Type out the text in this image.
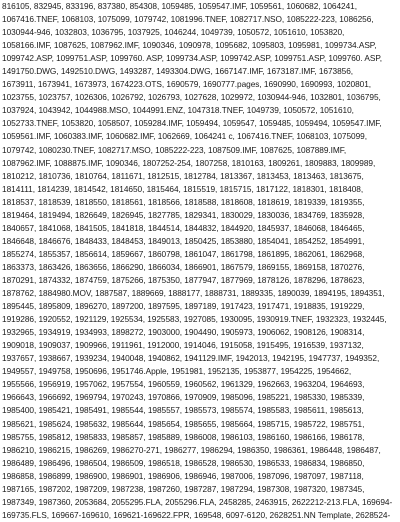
816105, 832945, 833196, 837380, 854308, 1059485, 1059547.IMF, 1059561, 1060682, 1064241,
1067416.TNEF, 1068103, 1075099, 1079742, 1081996.TNEF, 1082717.NSO, 1085222-223, 1086256,
1030944-946, 1032803, 1036795, 1037925, 1046244, 1049739, 1050572, 1051610, 1053820,
1058166.IMF, 1087625, 1087962.IMF, 1090346, 1090978, 1095682, 1095803, 1095981, 1099734.ASP,
1099742.ASP, 1099751.ASP, 1099760. ASP, 1099734.ASP, 1099742.ASP, 1099751.ASP, 1099760. ASP,
1491750.DWG, 1492510.DWG, 1493287, 1493304.DWG, 1667147.IMF, 1673187.IMF, 1673856,
1673911, 1673941, 1673973, 1674223.OTS, 1690579, 1690777.pages, 1690990, 1690993, 1020801,
1023755, 1023757, 1026306, 1026792, 1026793, 1027628, 1029972, 1030944-946, 1032801, 1036795,
1037924, 1043942, 1044988.MSO, 1044991.ENZ, 1047318.TNEF, 1049739, 1050572, 1051610,
1052733.TNEF, 1053820, 1058507, 1059284.IMF, 1059494, 1059547, 1059485, 1059494, 1059547.IMF,
1059561.IMF, 1060383.IMF, 1060682.IMF, 1062669, 1064241 c, 1067416.TNEF, 1068103, 1075099,
1079742, 1080230.TNEF, 1082717.MSO, 1085222-223, 1087509.IMF, 1087625, 1087889.IMF,
1087962.IMF, 1088875.IMF, 1090346, 1807252-254, 1807258, 1810163, 1809261, 1809883, 1809989,
1810212, 1810736, 1810764, 1811671, 1812515, 1812784, 1813367, 1813453, 1813463, 1813675,
1814111, 1814239, 1814542, 1814650, 1815464, 1815519, 1815715, 1817122, 1818301, 1818408,
1818537, 1818539, 1818550, 1818561, 1818566, 1818588, 1818608, 1818619, 1819339, 1819355,
1819464, 1819494, 1826649, 1826945, 1827785, 1829341, 1830029, 1830036, 1834769, 1835928,
1840657, 1841068, 1841505, 1841818, 1844514, 1844832, 1844920, 1845937, 1846068, 1846465,
1846648, 1846676, 1848433, 1848453, 1849013, 1850425, 1853880, 1854041, 1854252, 1854991,
1855274, 1855357, 1856614, 1859667, 1860798, 1861047, 1861798, 1861895, 1862061, 1862968,
1863373, 1863426, 1863656, 1866290, 1866034, 1866901, 1867579, 1869155, 1869158, 1870276,
1870291, 1874332, 1874759, 1875266, 1875350, 1877947, 1877969, 1878126, 1878296, 1878623,
1878762, 1884980.MOV, 1887587, 1889669, 1888177, 1888731, 1889335, 1890039, 1894195, 1894351,
1895445, 1895809, 1896270, 1897200, 1897595, 1897189, 1917423, 1917471, 1918835, 1919229,
1919286, 1920552, 1921129, 1925534, 1925583, 1927085, 1930095, 1930919.TNEF, 1932323, 1932445,
1932965, 1934919, 1934993, 1898272, 1903000, 1904490, 1905973, 1906062, 1908126, 1908314,
1909018, 1909037, 1909966, 1911961, 1912000, 1914046, 1915058, 1915495, 1916539, 1937132,
1937657, 1938667, 1939234, 1940048, 1940862, 1941129.IMF, 1942013, 1942195, 1947737, 1949352,
1949557, 1949758, 1950696, 1951746.Apple, 1951981, 1952135, 1953877, 1954225, 1954662,
1955566, 1956919, 1957062, 1957554, 1960559, 1960562, 1961329, 1962663, 1963204, 1964693,
1966643, 1966692, 1969794, 1970243, 1970866, 1970909, 1985096, 1985221, 1985330, 1985339,
1985400, 1985421, 1985491, 1985544, 1985557, 1985573, 1985574, 1985583, 1985611, 1985613,
1985621, 1985624, 1985632, 1985644, 1985654, 1985655, 1985664, 1985715, 1985722, 1985751,
1985755, 1985812, 1985833, 1985857, 1985889, 1986008, 1986103, 1986160, 1986166, 1986178,
1986210, 1986215, 1986269, 1986270-271, 1986277, 1986294, 1986350, 1986361, 1986448, 1986487,
1986489, 1986496, 1986504, 1986509, 1986518, 1986528, 1986530, 1986533, 1986834, 1986850,
1986858, 1986899, 1986900, 1986901, 1986906, 1986946, 1987006, 1987096, 1987097, 1987118,
1987165, 1987202, 1987209, 1987238, 1987260, 1987287, 1987294, 1987308, 1987320, 1987345,
1987349, 1987360, 2053684, 2055295.FLA, 2055296.FLA, 2458285, 2463915, 2622212-213.FLA, 169694-
169735.FLS, 169667-169610, 169621-169622.FPR, 169548, 6097-6120, 2628251.NN Template, 2628524-
